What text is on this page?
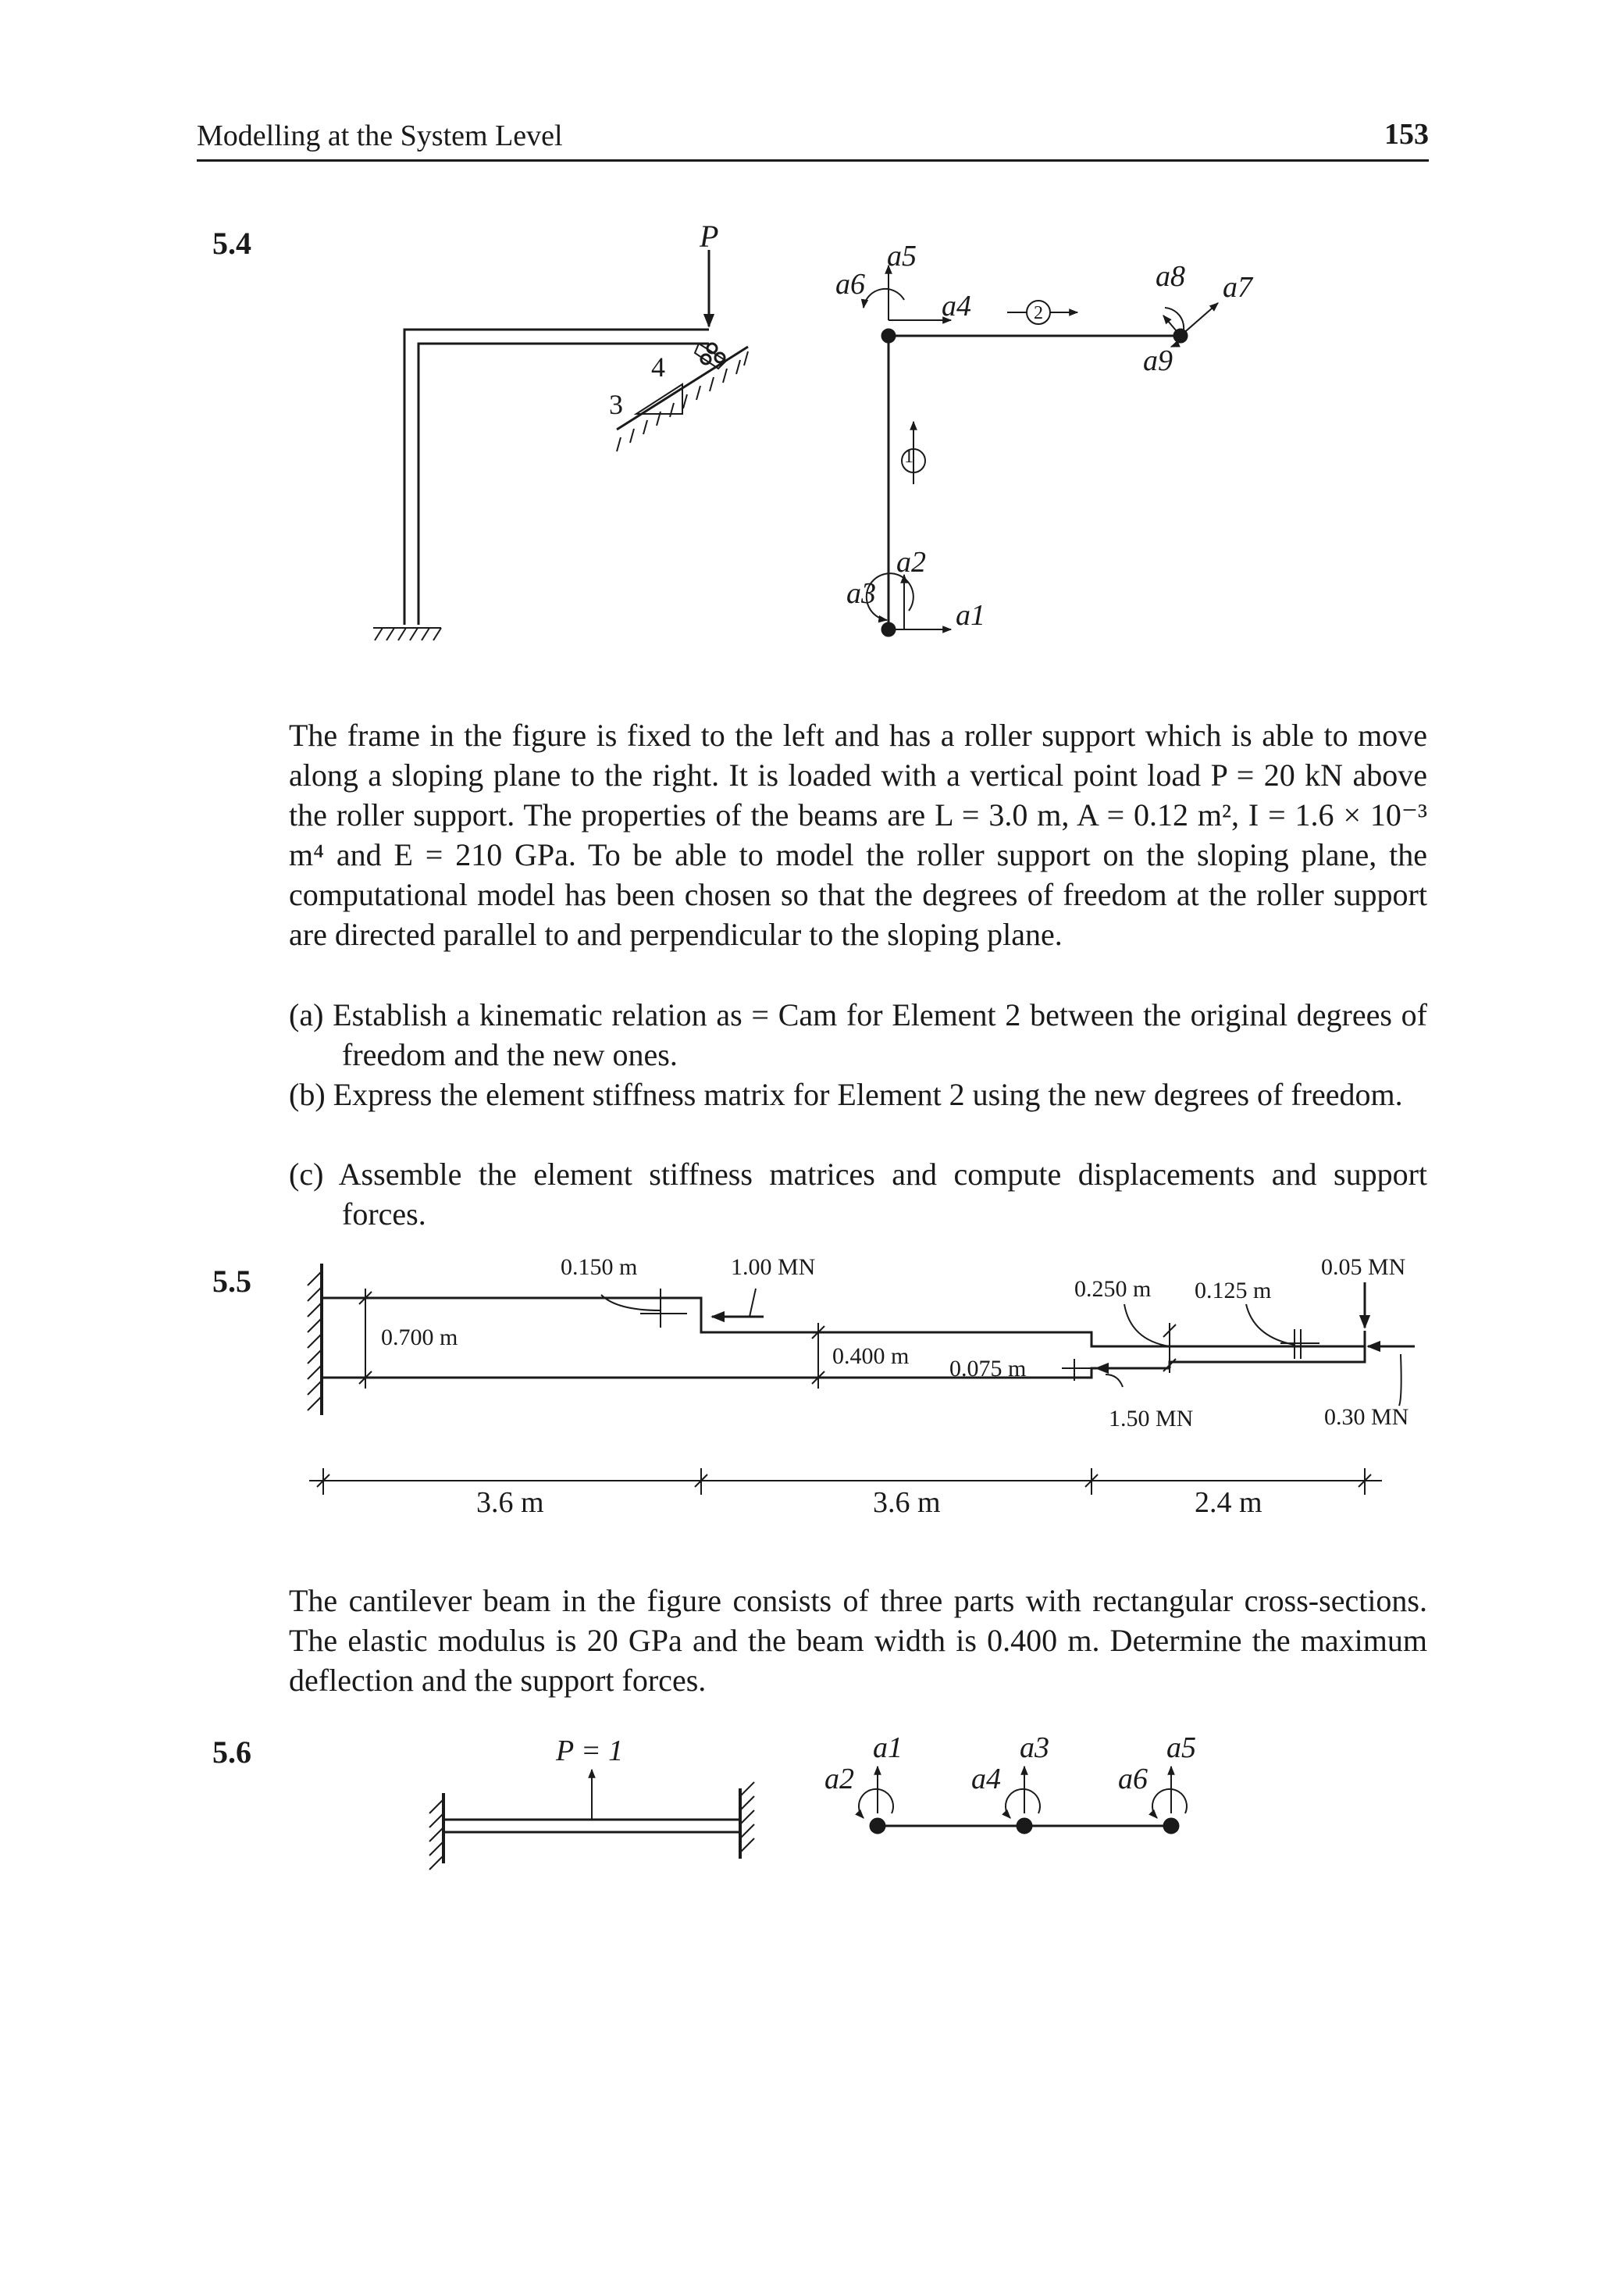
Modelling at the System Level	153
5.4
5.5
5.6
P
4
3
1
2
a1
a2
a3
a4
a5
a6	a7
a8
a9
0.150 m	1.00 MN
0.700 m
0.400 m 0.075 m
0.250 m 0.125 m
0.05 MN
1.50 MN	0.30 MN
3.6 m	3.6 m	2.4 m
P = 1	a1
a2
a3
a4
a5
a6
The frame in the figure is fixed to the left and has a roller support which is able to move along a sloping plane to the right. It is loaded with a vertical point load P = 20 kN above the roller support. The properties of the beams are L = 3.0 m, A = 0.12 m², I = 1.6 × 10⁻³ m⁴ and E = 210 GPa. To be able to model the roller support on the sloping plane, the computational model has been chosen so that the degrees of freedom at the roller support are directed parallel to and perpendicular to the sloping plane.
(a) Establish a kinematic relation as = Cam for Element 2 between the original degrees of freedom and the new ones.
(b) Express the element stiffness matrix for Element 2 using the new degrees of freedom.
(c) Assemble the element stiffness matrices and compute displacements and support forces.
The cantilever beam in the figure consists of three parts with rectangular cross-sections. The elastic modulus is 20 GPa and the beam width is 0.400 m. Determine the maximum deflection and the support forces.
